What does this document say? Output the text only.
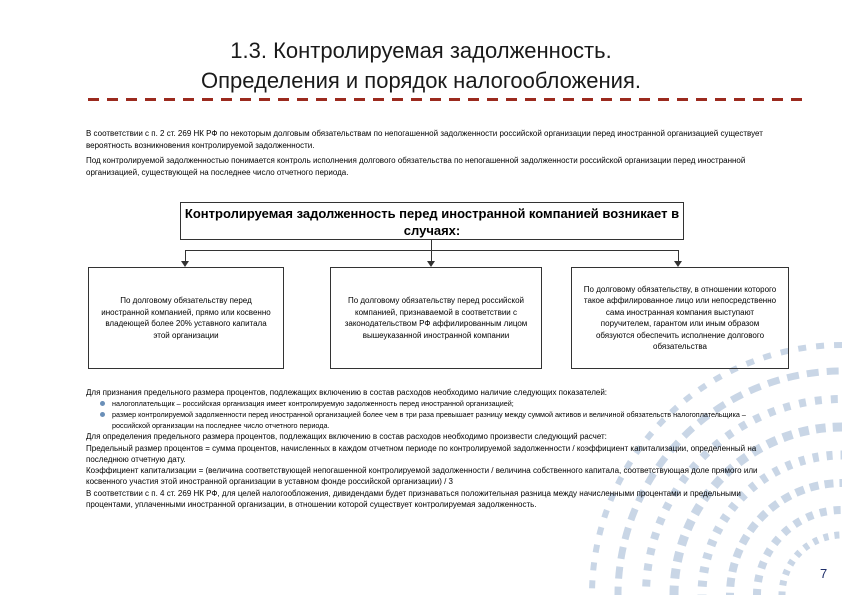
1.3. Контролируемая задолженность.
Определения и порядок налогообложения.

В соответствии с п. 2 ст. 269 НК РФ по некоторым долговым обязательствам по непогашенной задолженности российской организации перед иностранной организацией существует вероятность возникновения контролируемой задолженности.

Под контролируемой задолженностью понимается контроль исполнения долгового обязательства по непогашенной задолженности российской организации перед иностранной организацией, существующей на последнее число отчетного периода.

Контролируемая задолженность перед иностранной компанией возникает в случаях:
По долговому обязательству перед иностранной компанией, прямо или косвенно владеющей более 20% уставного капитала этой организации
По долговому обязательству перед российской компанией, признаваемой в соответствии с законодательством РФ аффилированным лицом вышеуказанной иностранной компании
По долговому обязательству, в отношении которого такое аффилированное лицо или непосредственно сама иностранная компания выступают поручителем, гарантом или иным образом обязуются обеспечить исполнение долгового обязательства

Для признания предельного размера процентов, подлежащих включению в состав расходов необходимо наличие следующих показателей:

налогоплательщик – российская организация имеет контролируемую задолженность перед иностранной организацией;
размер контролируемой задолженности перед иностранной организацией более чем в три раза превышает разницу между суммой активов и величиной обязательств налогоплательщика – российской организации на последнее число отчетного периода.

Для определения предельного размера процентов, подлежащих включению в состав расходов необходимо произвести следующий расчет:

Предельный размер процентов = сумма процентов, начисленных в каждом отчетном периоде по контролируемой задолженности / коэффициент капитализации, определенный на последнюю отчетную дату.

Коэффициент капитализации = (величина соответствующей непогашенной контролируемой задолженности / величина собственного капитала, соответствующая доле прямого или косвенного участия этой иностранной организации в уставном фонде российской организации) / 3

В соответствии с п. 4 ст. 269 НК РФ, для целей налогообложения, дивидендами будет признаваться положительная разница между начисленными процентами и предельными процентами, уплаченными иностранной организации, в отношении которой существует контролируемая задолженность.

7
